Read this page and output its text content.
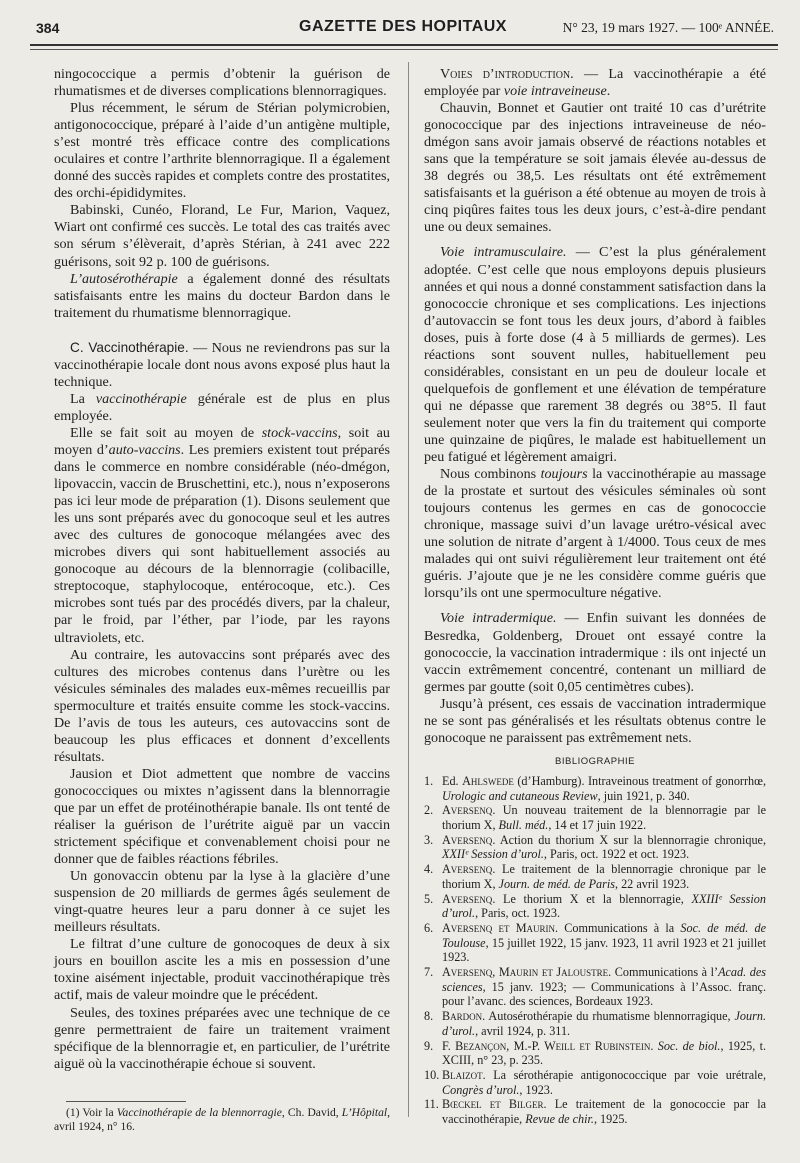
384	GAZETTE DES HOPITAUX	N° 23, 19 mars 1927. — 100ᵉ ANNÉE.

ningococcique a permis d’obtenir la guérison de rhumatismes et de diverses complications blennorragiques.

Plus récemment, le sérum de Stérian polymicrobien, antigonococcique, préparé à l’aide d’un antigène multiple, s’est montré très efficace contre des complications oculaires et contre l’arthrite blennorragique. Il a également donné des succès rapides et complets contre des prostatites, des orchi-épididymites.

Babinski, Cunéo, Florand, Le Fur, Marion, Vaquez, Wiart ont confirmé ces succès. Le total des cas traités avec son sérum s’élèverait, d’après Stérian, à 241 avec 222 guérisons, soit 92 p. 100 de guérisons.

L’autosérothérapie a également donné des résultats satisfaisants entre les mains du docteur Bardon dans le traitement du rhumatisme blennorragique.

C. Vaccinothérapie. — Nous ne reviendrons pas sur la vaccinothérapie locale dont nous avons exposé plus haut la technique.

La vaccinothérapie générale est de plus en plus employée.

Elle se fait soit au moyen de stock-vaccins, soit au moyen d’auto-vaccins. Les premiers existent tout préparés dans le commerce en nombre considérable (néo-dmégon, lipovaccin, vaccin de Bruschettini, etc.), nous n’exposerons pas ici leur mode de préparation (1). Disons seulement que les uns sont préparés avec du gonocoque seul et les autres avec des cultures de gonocoque mélangées avec des microbes divers qui sont habituellement associés au gonocoque au décours de la blennorragie (colibacille, streptocoque, staphylocoque, entérocoque, etc.). Ces microbes sont tués par des procédés divers, par la chaleur, par le froid, par l’éther, par l’iode, par les rayons ultraviolets, etc.

Au contraire, les autovaccins sont préparés avec des cultures des microbes contenus dans l’urètre ou les vésicules séminales des malades eux-mêmes recueillis par spermoculture et traités ensuite comme les stock-vaccins. De l’avis de tous les auteurs, ces autovaccins sont de beaucoup les plus efficaces et donnent d’excellents résultats.

Jausion et Diot admettent que nombre de vaccins gonococciques ou mixtes n’agissent dans la blennorragie que par un effet de protéinothérapie banale. Ils ont tenté de réaliser la guérison de l’urétrite aiguë par un vaccin strictement spécifique et convenablement choisi pour ne donner que de faibles réactions fébriles.

Un gonovaccin obtenu par la lyse à la glacière d’une suspension de 20 milliards de germes âgés seulement de vingt-quatre heures leur a paru donner à ce sujet les meilleurs résultats.

Le filtrat d’une culture de gonocoques de deux à six jours en bouillon ascite les a mis en possession d’une toxine aisément injectable, produit vaccinothérapique très actif, mais de valeur moindre que le précédent.

Seules, des toxines préparées avec une technique de ce genre permettraient de faire un traitement vraiment spécifique de la blennorragie et, en particulier, de l’urétrite aiguë où la vaccinothérapie échoue si souvent.

(1) Voir la Vaccinothérapie de la blennorragie, Ch. David, L’Hôpital, avril 1924, n° 16.

Voies d’introduction. — La vaccinothérapie a été employée par voie intraveineuse.

Chauvin, Bonnet et Gautier ont traité 10 cas d’urétrite gonococcique par des injections intraveineuse de néo-dmégon sans avoir jamais observé de réactions notables et sans que la température se soit jamais élevée au-dessus de 38 degrés ou 38,5. Les résultats ont été extrêmement satisfaisants et la guérison a été obtenue au moyen de trois à cinq piqûres faites tous les deux jours, c’est-à-dire pendant une ou deux semaines.

Voie intramusculaire. — C’est la plus généralement adoptée. C’est celle que nous employons depuis plusieurs années et qui nous a donné constamment satisfaction dans la gonococcie chronique et ses complications. Les injections d’autovaccin se font tous les deux jours, d’abord à faibles doses, puis à forte dose (4 à 5 milliards de germes). Les réactions sont souvent nulles, habituellement peu considérables, consistant en un peu de douleur locale et quelquefois de gonflement et une élévation de température qui ne dépasse que rarement 38 degrés ou 38°5. Il faut seulement noter que vers la fin du traitement qui comporte une quinzaine de piqûres, le malade est habituellement un peu fatigué et légèrement amaigri.

Nous combinons toujours la vaccinothérapie au massage de la prostate et surtout des vésicules séminales où sont toujours contenus les germes en cas de gonococcie chronique, massage suivi d’un lavage urétro-vésical avec une solution de nitrate d’argent à 1/4000. Tous ceux de mes malades qui ont suivi régulièrement leur traitement ont été guéris. J’ajoute que je ne les considère comme guéris que lorsqu’ils ont une spermoculture négative.

Voie intradermique. — Enfin suivant les données de Besredka, Goldenberg, Drouet ont essayé contre la gonococcie, la vaccination intradermique : ils ont injecté un vaccin extrêmement concentré, contenant un milliard de germes par goutte (soit 0,05 centimètres cubes).

Jusqu’à présent, ces essais de vaccination intradermique ne se sont pas généralisés et les résultats obtenus contre le gonocoque ne paraissent pas extrêmement nets.

BIBLIOGRAPHIE
1. Ed. Ahlswede (d’Hamburg). Intraveinous treatment of gonorrhœ, Urologic and cutaneous Review, juin 1921, p. 340.
2. Aversenq. Un nouveau traitement de la blennorragie par le thorium X, Bull. méd., 14 et 17 juin 1922.
3. Aversenq. Action du thorium X sur la blennorragie chronique, XXIIᵉ Session d’urol., Paris, oct. 1922 et oct. 1923.
4. Aversenq. Le traitement de la blennorragie chronique par le thorium X, Journ. de méd. de Paris, 22 avril 1923.
5. Aversenq. Le thorium X et la blennorragie, XXIIIᵉ Session d’urol., Paris, oct. 1923.
6. Aversenq et Maurin. Communications à la Soc. de méd. de Toulouse, 15 juillet 1922, 15 janv. 1923, 11 avril 1923 et 21 juillet 1923.
7. Aversenq, Maurin et Jaloustre. Communications à l’Acad. des sciences, 15 janv. 1923; — Communications à l’Assoc. franç. pour l’avanc. des sciences, Bordeaux 1923.
8. Bardon. Autosérothérapie du rhumatisme blennorragique, Journ. d’urol., avril 1924, p. 311.
9. F. Bezançon, M.-P. Weill et Rubinstein. Soc. de biol., 1925, t. XCIII, n° 23, p. 235.
10. Blaizot. La sérothérapie antigonococcique par voie urétrale, Congrès d’urol., 1923.
11. Bœckel et Bilger. Le traitement de la gonococcie par la vaccinothérapie, Revue de chir., 1925.
